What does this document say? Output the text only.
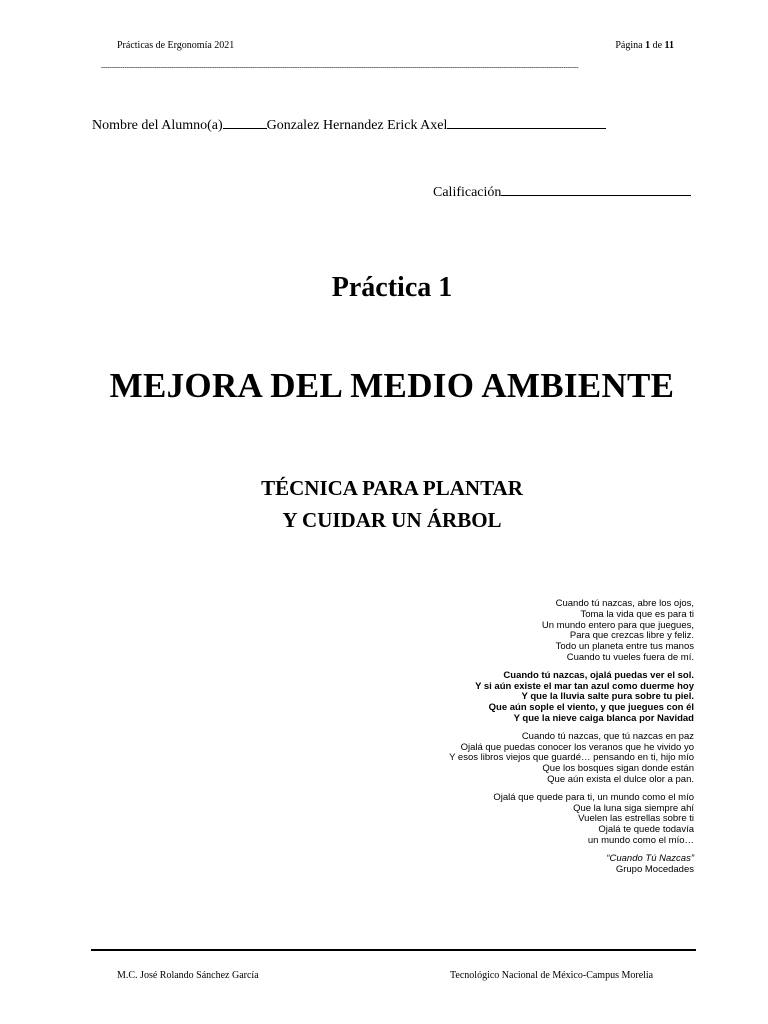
Prácticas de Ergonomía 2021	Página 1 de 11
--------------------------------------------------------------------------------------------------------------------------------------------------------------------------------------------------------------------------------
Nombre del Alumno(a)	Gonzalez Hernandez Erick Axel
Calificación
Práctica 1
MEJORA DEL MEDIO AMBIENTE
TÉCNICA PARA PLANTAR
Y CUIDAR UN ÁRBOL
Cuando tú nazcas, abre los ojos,
Toma la vida que es para ti
Un mundo entero para que juegues,
Para que crezcas libre y feliz.
Todo un planeta entre tus manos
Cuando tu vueles fuera de mí.
Cuando tú nazcas, ojalá puedas ver el sol.
Y si aún existe el mar tan azul como duerme hoy
Y que la lluvia salte pura sobre tu piel.
Que aún sople el viento, y que juegues con él
Y que la nieve caiga blanca por Navidad
Cuando tú nazcas, que tú nazcas en paz
Ojalá que puedas conocer los veranos que he vivido yo
Y esos libros viejos que guardé… pensando en ti, hijo mío
Que los bosques sigan donde están
Que aún exista el dulce olor a pan.
Ojalá que quede para ti, un mundo como el mío
Que la luna siga siempre ahí
Vuelen las estrellas sobre ti
Ojalá te quede todavía
un mundo como el mío…
“Cuando Tú Nazcas”
Grupo Mocedades
M.C. José Rolando Sánchez García	Tecnológico Nacional de México-Campus Morelia
